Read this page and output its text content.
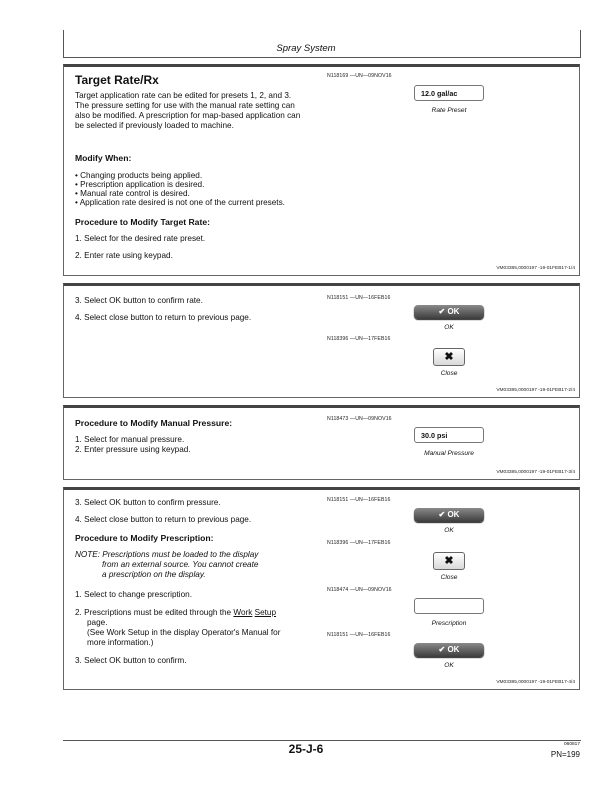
Spray System
Target Rate/Rx	N118169 —UN—09NOV16
Target application rate can be edited for presets 1, 2, and 3. The pressure setting for use with the manual rate setting can also be modified. A prescription for map-based application can be selected if previously loaded to machine.
Modify When:
• Changing products being applied.
• Prescription application is desired.
• Manual rate control is desired.
• Application rate desired is not one of the current presets.
Procedure to Modify Target Rate:
1. Select for the desired rate preset.
2. Enter rate using keypad.
12.0 gal/ac
Rate Preset
VM03385,0000197 -19-01FEB17-1/4
3. Select OK button to confirm rate.
4. Select close button to return to previous page.
N118151 —UN—16FEB16
N118396 —UN—17FEB16
✔ OK
OK
✖
Close
VM03385,0000197 -19-01FEB17-2/4
Procedure to Modify Manual Pressure:	N118473 —UN—09NOV16
1. Select for manual pressure.
2. Enter pressure using keypad.
30.0 psi
Manual Pressure
VM03385,0000197 -19-01FEB17-3/4
3. Select OK button to confirm pressure.
4. Select close button to return to previous page.
Procedure to Modify Prescription:
NOTE: Prescriptions must be loaded to the display
from an external source. You cannot create
a prescription on the display.
1. Select to change prescription.
2. Prescriptions must be edited through the Work Setup
page.
(See Work Setup in the display Operator's Manual for
more information.)
3. Select OK button to confirm.
N118151 —UN—16FEB16
N118396 —UN—17FEB16
N118474 —UN—09NOV16
N118151 —UN—16FEB16
✔ OK
OK
✖
Close
Prescription
✔ OK
OK
VM03385,0000197 -19-01FEB17-4/4
25-J-6	060817
PN=199
